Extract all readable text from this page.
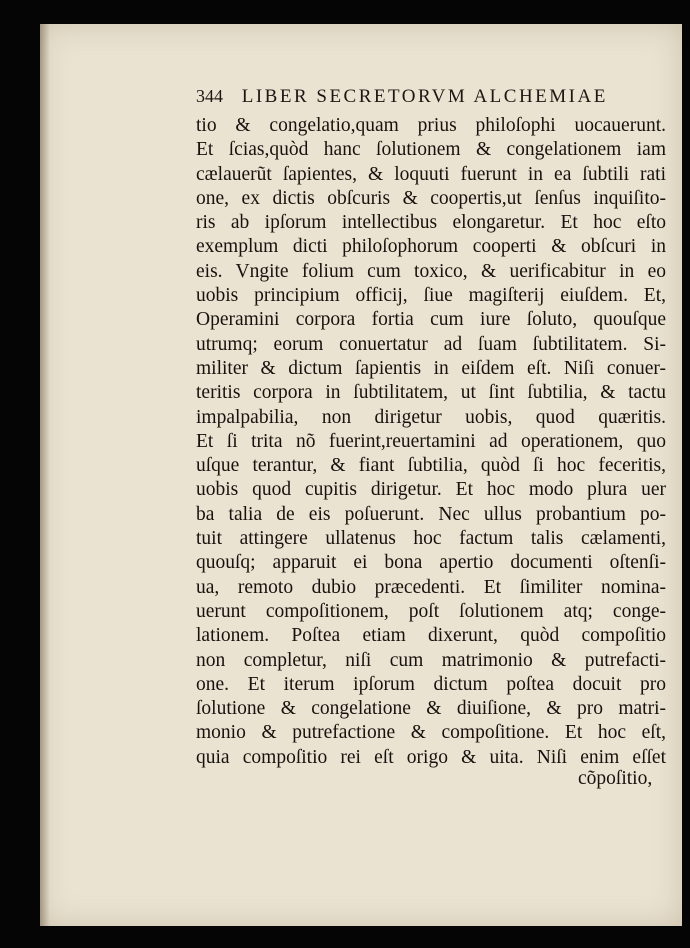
344 LIBER SECRETORVM ALCHEMIAE
tio & congelatio,quam prius philoſophi uocauerunt.
Et ſcias,quòd hanc ſolutionem & congelationem iam
cælauerũt ſapientes, & loquuti fuerunt in ea ſubtili rati
one, ex dictis obſcuris & coopertis,ut ſenſus inquiſito-
ris ab ipſorum intellectibus elongaretur. Et hoc eſto
exemplum dicti philoſophorum cooperti & obſcuri in
eis. Vngite folium cum toxico, & uerificabitur in eo
uobis principium officij, ſiue magiſterij eiuſdem. Et,
Operamini corpora fortia cum iure ſoluto, quouſque
utrumq; eorum conuertatur ad ſuam ſubtilitatem. Si-
militer & dictum ſapientis in eiſdem eſt. Niſi conuer-
teritis corpora in ſubtilitatem, ut ſint ſubtilia, & tactu
impalpabilia, non dirigetur uobis, quod quæritis.
Et ſi trita nõ fuerint,reuertamini ad operationem, quo
uſque terantur, & fiant ſubtilia, quòd ſi hoc feceritis,
uobis quod cupitis dirigetur. Et hoc modo plura uer
ba talia de eis poſuerunt. Nec ullus probantium po-
tuit attingere ullatenus hoc factum talis cælamenti,
quouſq; apparuit ei bona apertio documenti oſtenſi-
ua, remoto dubio præcedenti. Et ſimiliter nomina-
uerunt compoſitionem, poſt ſolutionem atq; conge-
lationem. Poſtea etiam dixerunt, quòd compoſitio
non completur, niſi cum matrimonio & putrefacti-
one. Et iterum ipſorum dictum poſtea docuit pro
ſolutione & congelatione & diuiſione, & pro matri-
monio & putrefactione & compoſitione. Et hoc eſt,
quia compoſitio rei eſt origo & uita. Niſi enim eſſet
cõpoſitio,
